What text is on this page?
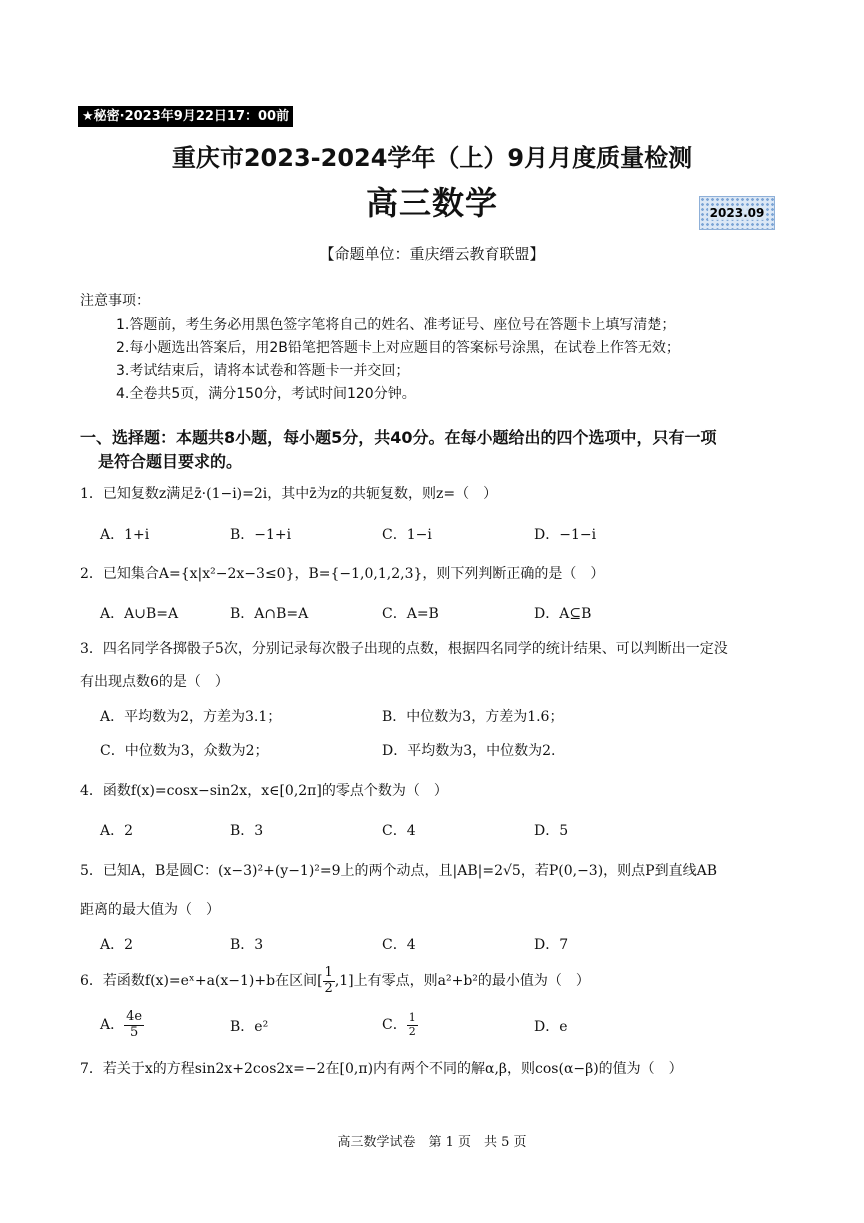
★秘密·2023年9月22日17：00前
重庆市2023-2024学年（上）9月月度质量检测
高三数学	2023.09
【命题单位：重庆缙云教育联盟】
注意事项：
1.答题前，考生务必用黑色签字笔将自己的姓名、准考证号、座位号在答题卡上填写清楚；
2.每小题选出答案后，用2B铅笔把答题卡上对应题目的答案标号涂黑，在试卷上作答无效；
3.考试结束后，请将本试卷和答题卡一并交回；
4.全卷共5页，满分150分，考试时间120分钟。
一、选择题：本题共8小题，每小题5分，共40分。在每小题给出的四个选项中，只有一项
是符合题目要求的。
1．已知复数z满足z̄·(1−i)=2i，其中z̄为z的共轭复数，则z=（　）
A．1+i	B．−1+i	C．1−i	D．−1−i
2．已知集合A={x|x²−2x−3≤0}，B={−1,0,1,2,3}，则下列判断正确的是（　）
A．A∪B=A	B．A∩B=A	C．A=B	D．A⊆B
3．四名同学各掷骰子5次，分别记录每次骰子出现的点数，根据四名同学的统计结果、可以判断出一定没
有出现点数6的是（　）
A．平均数为2，方差为3.1；	B．中位数为3，方差为1.6；
C．中位数为3，众数为2；	D．平均数为3，中位数为2.
4．函数f(x)=cosx−sin2x，x∈[0,2π]的零点个数为（　）
A．2	B．3	C．4	D．5
5．已知A，B是圆C：(x−3)²+(y−1)²=9上的两个动点，且|AB|=2√5，若P(0,−3)，则点P到直线AB
距离的最大值为（　）
A．2	B．3	C．4	D．7
6．若函数f(x)=eˣ+a(x−1)+b在区间[ $\frac{1}{2} ,1$]上有零点，则a²+b²的最小值为（　）
A． $\frac{4e}{5}$	B．e²	C． $\frac{1}{2}$	D．e
7．若关于x的方程sin2x+2cos2x=−2在[0,π)内有两个不同的解α,β，则cos(α−β)的值为（　）
高三数学试卷　第 1 页　共 5 页
